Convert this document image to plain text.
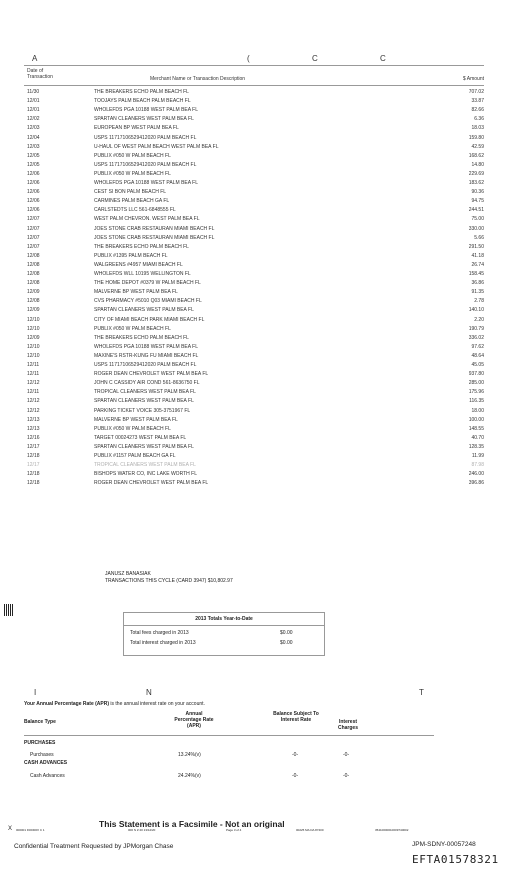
A	(	C	C
Date of Transaction	Merchant Name or Transaction Description	$ Amount
11/30	THE BREAKERS ECHO PALM BEACH FL	707.02
12/01	TOOJAYS PALM BEACH PALM BEACH FL	33.87
12/01	WHOLEFDS PGA 10188 WEST PALM BEA FL	82.66
12/02	SPARTAN CLEANERS WEST PALM BEA FL	6.36
12/03	EUROPEAN BP WEST PALM BEA FL	18.03
12/04	USPS 11717106529412020 PALM BEACH FL	159.80
12/03	U-HAUL OF WEST PALM BEACH WEST PALM BEA FL	42.59
12/05	PUBLIX #050 W PALM BEACH FL	168.62
12/05	USPS 11717106529412020 PALM BEACH FL	14.80
12/06	PUBLIX #050 W PALM BEACH FL	229.69
12/06	WHOLEFDS PGA 10188 WEST PALM BEA FL	183.62
12/06	CEST SI BON PALM BEACH FL	90.36
12/06	CARMINES PALM BEACH GA FL	94.75
12/06	CARLSTEDTS LLC 561-6848555 FL	244.51
12/07	WEST PALM CHEVRON. WEST PALM BEA FL	75.00
12/07	JOES STONE CRAB RESTAURAN MIAMI BEACH FL	330.00
12/07	JOES STONE CRAB RESTAURAN MIAMI BEACH FL	5.66
12/07	THE BREAKERS ECHO PALM BEACH FL	291.50
12/08	PUBLIX #1395 PALM BEACH FL	41.18
12/08	WALGREENS #4957 MIAMI BEACH FL	26.74
12/08	WHOLEFDS WLL 10195 WELLINGTON FL	158.45
12/08	THE HOME DEPOT #0379 W PALM BEACH FL	36.86
12/09	MALVERNE BP WEST PALM BEA FL	91.35
12/08	CVS PHARMACY #5010 Q03 MIAMI BEACH FL	2.78
12/09	SPARTAN CLEANERS WEST PALM BEA FL	140.10
12/10	CITY OF MIAMI BEACH PARK MIAMI BEACH FL	2.20
12/10	PUBLIX #050 W PALM BEACH FL	190.79
12/09	THE BREAKERS ECHO PALM BEACH FL	336.02
12/10	WHOLEFDS PGA 10188 WEST PALM BEA FL	97.62
12/10	MAXINE'S RSTR-KUNG FU MIAMI BEACH FL	48.64
12/11	USPS 11717106529412020 PALM BEACH FL	45.05
12/11	ROGER DEAN CHEVROLET WEST PALM BEA FL	937.80
12/12	JOHN C CASSIDY AIR COND 561-8636750 FL	285.00
12/11	TROPICAL CLEANERS WEST PALM BEA FL	175.96
12/12	SPARTAN CLEANERS WEST PALM BEA FL	116.35
12/12	PARKING TICKET VOICE 305-3751967 FL	18.00
12/13	MALVERNE BP WEST PALM BEA FL	100.00
12/13	PUBLIX #050 W PALM BEACH FL	148.55
12/16	TARGET 00024273 WEST PALM BEA FL	40.70
12/17	SPARTAN CLEANERS WEST PALM BEA FL	128.35
12/18	PUBLIX #1157 PALM BEACH GA FL	11.99
12/18	BISHOPS WATER CO, INC LAKE WORTH FL	246.00
12/18	ROGER DEAN CHEVROLET WEST PALM BEA FL	396.86
JANUSZ BANASIAK
TRANSACTIONS THIS CYCLE (CARD 3947) $10,802.97
2013 Totals Year-to-Date
Total fees charged in 2013	$0.00
Total interest charged in 2013	$0.00
I	N	T
Your Annual Percentage Rate (APR) is the annual interest rate on your account.
Balance Type
Annual Percentage Rate (APR)
Balance Subject To Interest Rate	Interest Charges
PURCHASES
Purchases	13.24%(v)	-0-	-0-
CASH ADVANCES
Cash Advances	24.24%(v)	-0-	-0-
This Statement is a Facsimile - Not an original
X 000001 F00300X C 1	000 N Z 20 13/12/20	Page 3 of 4	00225 MA DA 87400	35410000010009740002
Confidential Treatment Requested by JPMorgan Chase	JPM-SDNY-00057248
EFTA01578321
